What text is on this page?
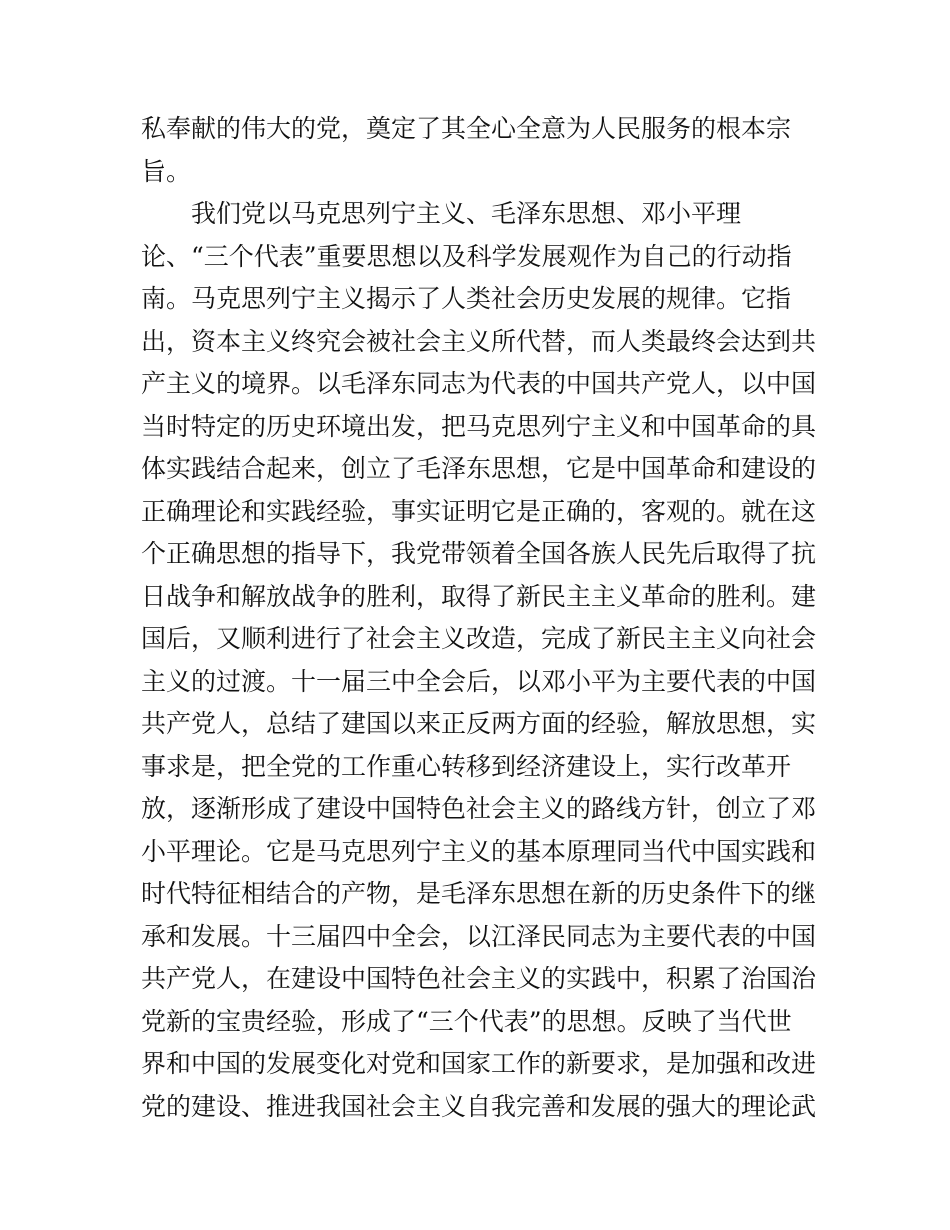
私奉献的伟大的党，奠定了其全心全意为人民服务的根本宗
旨。
我们党以马克思列宁主义、毛泽东思想、邓小平理
论、“三个代表”重要思想以及科学发展观作为自己的行动指
南。马克思列宁主义揭示了人类社会历史发展的规律。它指
出，资本主义终究会被社会主义所代替，而人类最终会达到共
产主义的境界。以毛泽东同志为代表的中国共产党人，以中国
当时特定的历史环境出发，把马克思列宁主义和中国革命的具
体实践结合起来，创立了毛泽东思想，它是中国革命和建设的
正确理论和实践经验，事实证明它是正确的，客观的。就在这
个正确思想的指导下，我党带领着全国各族人民先后取得了抗
日战争和解放战争的胜利，取得了新民主主义革命的胜利。建
国后，又顺利进行了社会主义改造，完成了新民主主义向社会
主义的过渡。十一届三中全会后，以邓小平为主要代表的中国
共产党人，总结了建国以来正反两方面的经验，解放思想，实
事求是，把全党的工作重心转移到经济建设上，实行改革开
放，逐渐形成了建设中国特色社会主义的路线方针，创立了邓
小平理论。它是马克思列宁主义的基本原理同当代中国实践和
时代特征相结合的产物，是毛泽东思想在新的历史条件下的继
承和发展。十三届四中全会，以江泽民同志为主要代表的中国
共产党人，在建设中国特色社会主义的实践中，积累了治国治
党新的宝贵经验，形成了“三个代表”的思想。反映了当代世
界和中国的发展变化对党和国家工作的新要求，是加强和改进
党的建设、推进我国社会主义自我完善和发展的强大的理论武
